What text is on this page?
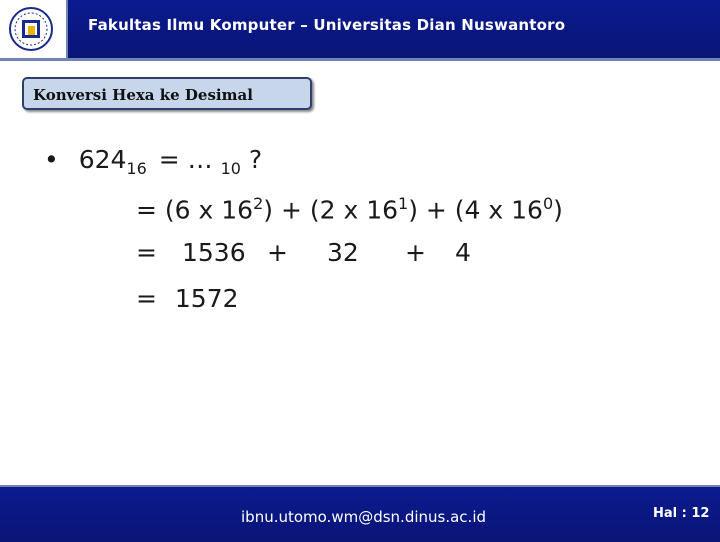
Fakultas Ilmu Komputer – Universitas Dian Nuswantoro
Konversi Hexa ke Desimal
• $624_{16}$ = … $_{10}$ ?
= (6 x $16^2) + (2$ x $16^1) + (4$ x $16^0$)
= 1536 + 32 + 4
= 1572
ibnu.utomo.wm@dsn.dinus.ac.id	Hal : 12
